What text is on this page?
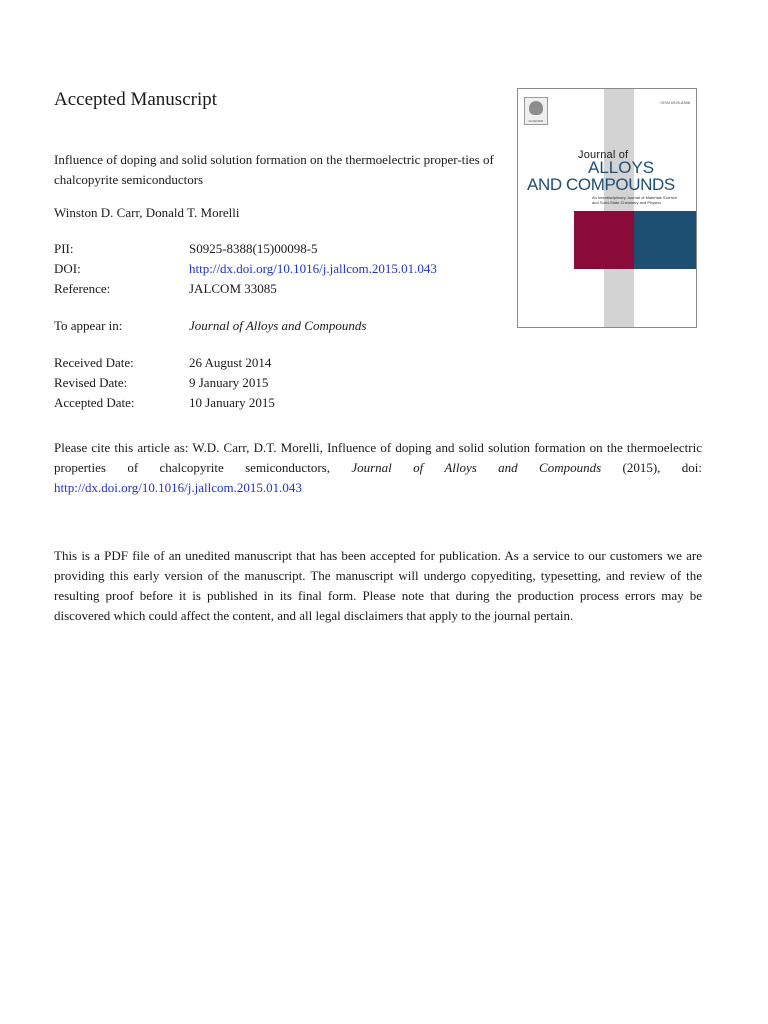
Accepted Manuscript
ELSEVIER
ISSN 0925-8388
Journal of
ALLOYS
AND COMPOUNDS
An Interdisciplinary Journal of Materials Science and Solid-State Chemistry and Physics

Influence of doping and solid solution formation on the thermoelectric proper-ties of chalcopyrite semiconductors

Winston D. Carr, Donald T. Morelli

PII:	S0925-8388(15)00098-5
DOI:	http://dx.doi.org/10.1016/j.jallcom.2015.01.043
Reference:	JALCOM 33085
To appear in:	Journal of Alloys and Compounds
Received Date:	26 August 2014
Revised Date:	9 January 2015
Accepted Date:	10 January 2015

Please cite this article as: W.D. Carr, D.T. Morelli, Influence of doping and solid solution formation on the thermoelectric properties of chalcopyrite semiconductors, Journal of Alloys and Compounds (2015), doi: http://dx.doi.org/10.1016/j.jallcom.2015.01.043

This is a PDF file of an unedited manuscript that has been accepted for publication. As a service to our customers we are providing this early version of the manuscript. The manuscript will undergo copyediting, typesetting, and review of the resulting proof before it is published in its final form. Please note that during the production process errors may be discovered which could affect the content, and all legal disclaimers that apply to the journal pertain.
